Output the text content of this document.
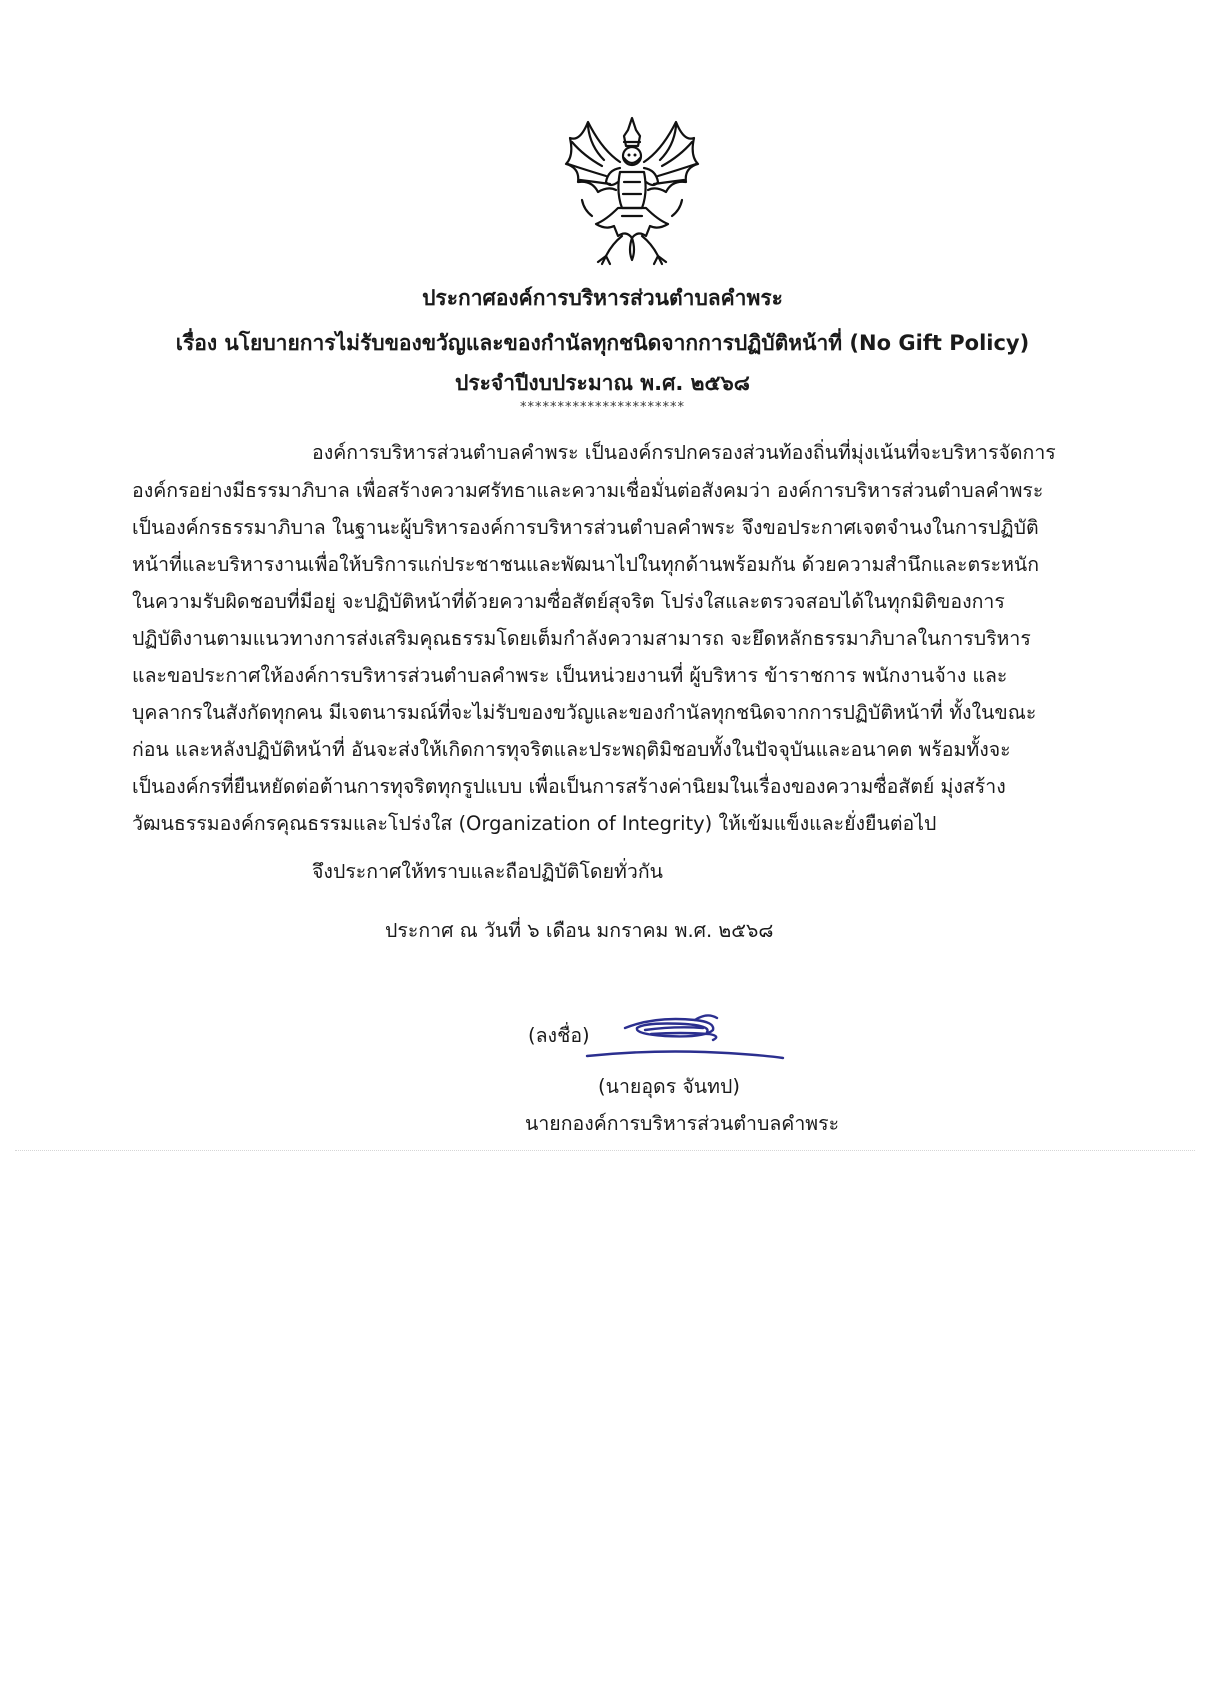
ประกาศองค์การบริหารส่วนตำบลคำพระ
เรื่อง นโยบายการไม่รับของขวัญและของกำนัลทุกชนิดจากการปฏิบัติหน้าที่ (No Gift Policy)
ประจำปีงบประมาณ พ.ศ. ๒๕๖๘
**********************
องค์การบริหารส่วนตำบลคำพระ เป็นองค์กรปกครองส่วนท้องถิ่นที่มุ่งเน้นที่จะบริหารจัดการ
องค์กรอย่างมีธรรมาภิบาล เพื่อสร้างความศรัทธาและความเชื่อมั่นต่อสังคมว่า องค์การบริหารส่วนตำบลคำพระ
เป็นองค์กรธรรมาภิบาล ในฐานะผู้บริหารองค์การบริหารส่วนตำบลคำพระ จึงขอประกาศเจตจำนงในการปฏิบัติ
หน้าที่และบริหารงานเพื่อให้บริการแก่ประชาชนและพัฒนาไปในทุกด้านพร้อมกัน ด้วยความสำนึกและตระหนัก
ในความรับผิดชอบที่มีอยู่ จะปฏิบัติหน้าที่ด้วยความซื่อสัตย์สุจริต โปร่งใสและตรวจสอบได้ในทุกมิติของการ
ปฏิบัติงานตามแนวทางการส่งเสริมคุณธรรมโดยเต็มกำลังความสามารถ จะยึดหลักธรรมาภิบาลในการบริหาร
และขอประกาศให้องค์การบริหารส่วนตำบลคำพระ เป็นหน่วยงานที่ ผู้บริหาร ข้าราชการ พนักงานจ้าง และ
บุคลากรในสังกัดทุกคน มีเจตนารมณ์ที่จะไม่รับของขวัญและของกำนัลทุกชนิดจากการปฏิบัติหน้าที่ ทั้งในขณะ
ก่อน และหลังปฏิบัติหน้าที่ อันจะส่งให้เกิดการทุจริตและประพฤติมิชอบทั้งในปัจจุบันและอนาคต พร้อมทั้งจะ
เป็นองค์กรที่ยืนหยัดต่อต้านการทุจริตทุกรูปแบบ เพื่อเป็นการสร้างค่านิยมในเรื่องของความซื่อสัตย์ มุ่งสร้าง
วัฒนธรรมองค์กรคุณธรรมและโปร่งใส (Organization of Integrity) ให้เข้มแข็งและยั่งยืนต่อไป
จึงประกาศให้ทราบและถือปฏิบัติโดยทั่วกัน
ประกาศ ณ วันที่ ๖ เดือน มกราคม พ.ศ. ๒๕๖๘
(ลงชื่อ)
(นายอุดร จันทป)
นายกองค์การบริหารส่วนตำบลคำพระ
